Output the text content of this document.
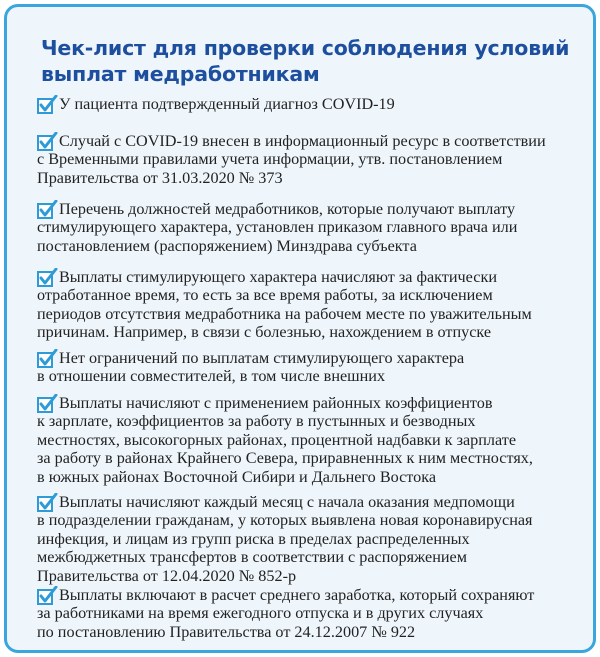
Чек-лист для проверки соблюдения условий
выплат медработникам
У пациента подтвержденный диагноз COVID-19
Случай с COVID-19 внесен в информационный ресурс в соответствии
с Временными правилами учета информации, утв. постановлением
Правительства от 31.03.2020 № 373
Перечень должностей медработников, которые получают выплату
стимулирующего характера, установлен приказом главного врача или
постановлением (распоряжением) Минздрава субъекта
Выплаты стимулирующего характера начисляют за фактически
отработанное время, то есть за все время работы, за исключением
периодов отсутствия медработника на рабочем месте по уважительным
причинам. Например, в связи с болезнью, нахождением в отпуске
Нет ограничений по выплатам стимулирующего характера
в отношении совместителей, в том числе внешних
Выплаты начисляют с применением районных коэффициентов
к зарплате, коэффициентов за работу в пустынных и безводных
местностях, высокогорных районах, процентной надбавки к зарплате
за работу в районах Крайнего Севера, приравненных к ним местностях,
в южных районах Восточной Сибири и Дальнего Востока
Выплаты начисляют каждый месяц с начала оказания медпомощи
в подразделении гражданам, у которых выявлена новая коронавирусная
инфекция, и лицам из групп риска в пределах распределенных
межбюджетных трансфертов в соответствии с распоряжением
Правительства от 12.04.2020 № 852-р
Выплаты включают в расчет среднего заработка, который сохраняют
за работниками на время ежегодного отпуска и в других случаях
по постановлению Правительства от 24.12.2007 № 922
